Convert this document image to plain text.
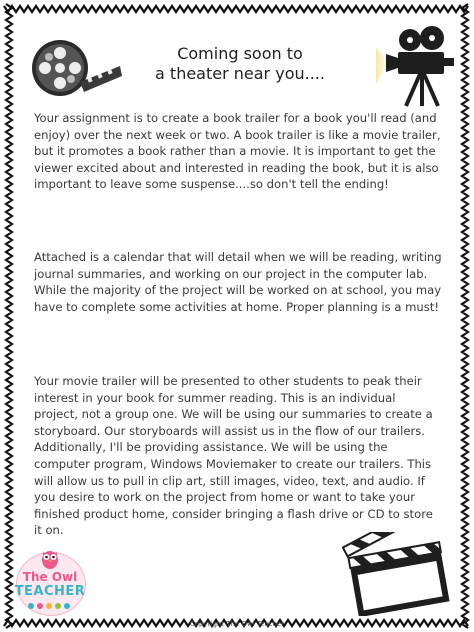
Coming soon to
a theater near you....

Your assignment is to create a book trailer for a book you'll read (and enjoy) over the next week or two. A book trailer is like a movie trailer, but it promotes a book rather than a movie. It is important to get the viewer excited about and interested in reading the book, but it is also important to leave some suspense....so don't tell the ending!

Attached is a calendar that will detail when we will be reading, writing journal summaries, and working on our project in the computer lab. While the majority of the project will be worked on at school, you may have to complete some activities at home. Proper planning is a must!

Your movie trailer will be presented to other students to peak their interest in your book for summer reading. This is an individual project, not a group one. We will be using our summaries to create a storyboard. Our storyboards will assist us in the flow of our trailers. Additionally, I'll be providing assistance. We will be using the computer program, Windows Moviemaker to create our trailers. This will allow us to pull in clip art, still images, video, text, and audio. If you desire to work on the project from home or want to take your finished product home, consider bringing a flash drive or CD to store it on.

The Owl
TEACHER

Copyright The Owl Teacher
